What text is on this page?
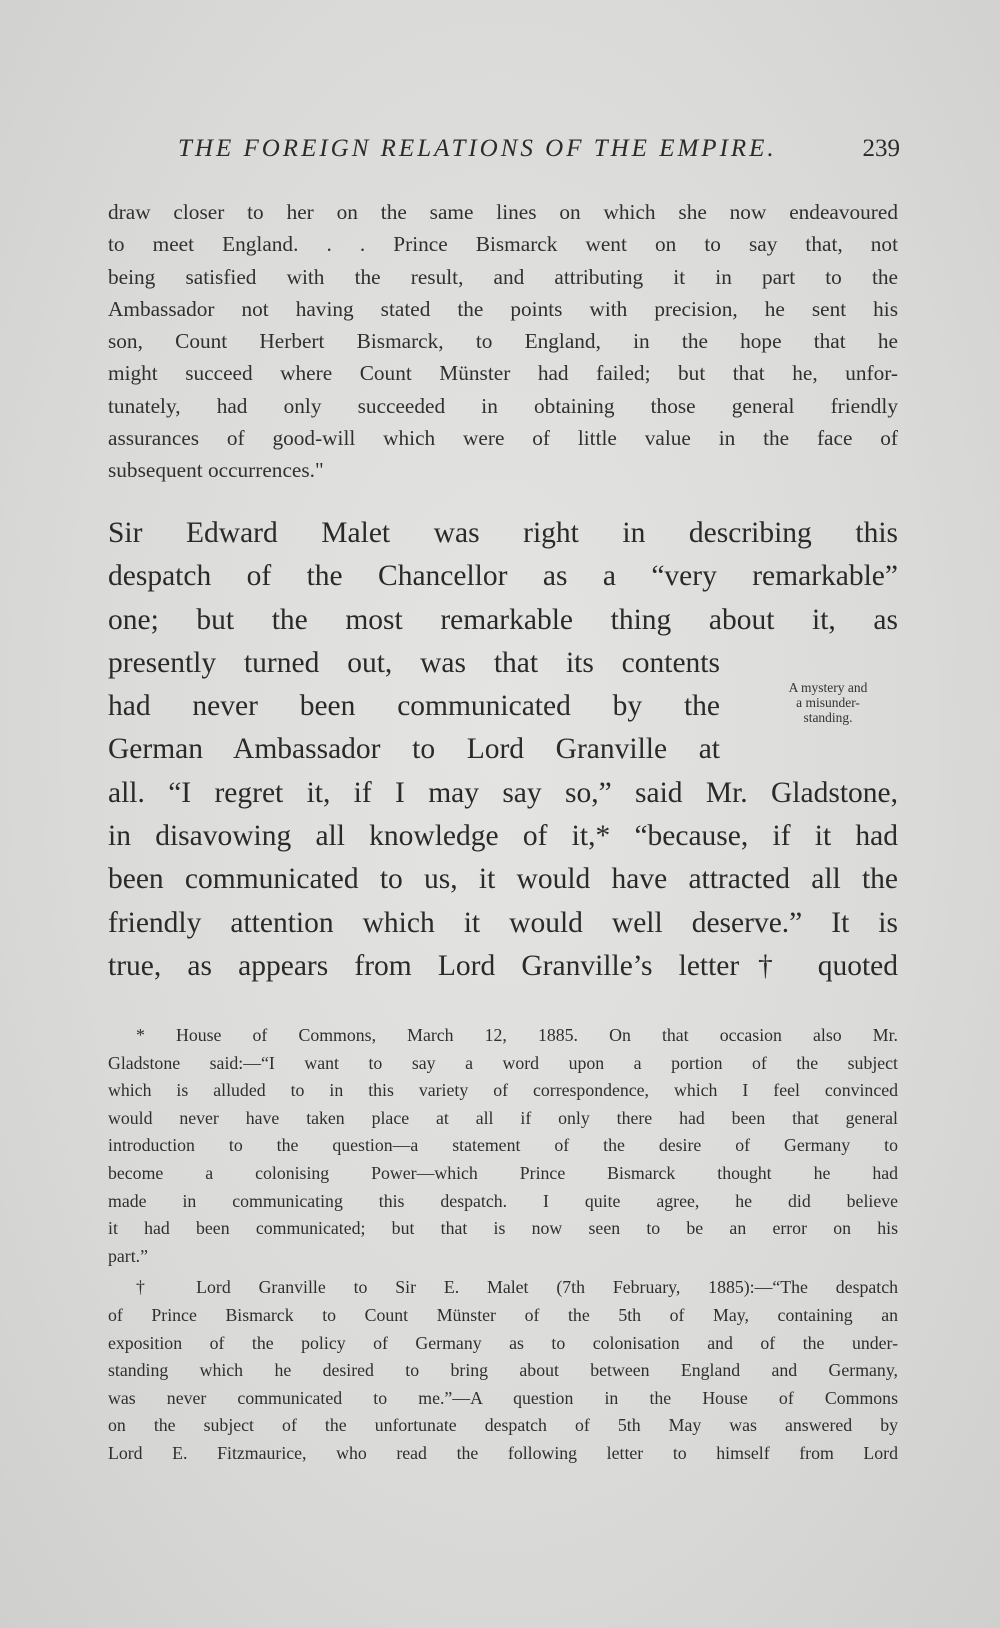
THE FOREIGN RELATIONS OF THE EMPIRE.	239
draw closer to her on the same lines on which she now endeavoured
to meet England. . . Prince Bismarck went on to say that, not
being satisfied with the result, and attributing it in part to the
Ambassador not having stated the points with precision, he sent his
son, Count Herbert Bismarck, to England, in the hope that he
might succeed where Count Münster had failed; but that he, unfor-
tunately, had only succeeded in obtaining those general friendly
assurances of good-will which were of little value in the face of
subsequent occurrences."
Sir Edward Malet was right in describing this
despatch of the Chancellor as a “very remarkable”
one; but the most remarkable thing about it, as
presently turned out, was that its contents
had never been communicated by the
German Ambassador to Lord Granville at
all. “I regret it, if I may say so,” said Mr. Gladstone,
in disavowing all knowledge of it,* “because, if it had
been communicated to us, it would have attracted all the
friendly attention which it would well deserve.” It is
true, as appears from Lord Granville’s letter† quoted
A mystery and
a misunder-
standing.
* House of Commons, March 12, 1885. On that occasion also Mr.
Gladstone said:—“I want to say a word upon a portion of the subject
which is alluded to in this variety of correspondence, which I feel convinced
would never have taken place at all if only there had been that general
introduction to the question—a statement of the desire of Germany to
become a colonising Power—which Prince Bismarck thought he had
made in communicating this despatch. I quite agree, he did believe
it had been communicated; but that is now seen to be an error on his
part.”
† Lord Granville to Sir E. Malet (7th February, 1885):—“The despatch
of Prince Bismarck to Count Münster of the 5th of May, containing an
exposition of the policy of Germany as to colonisation and of the under-
standing which he desired to bring about between England and Germany,
was never communicated to me.”—A question in the House of Commons
on the subject of the unfortunate despatch of 5th May was answered by
Lord E. Fitzmaurice, who read the following letter to himself from Lord
